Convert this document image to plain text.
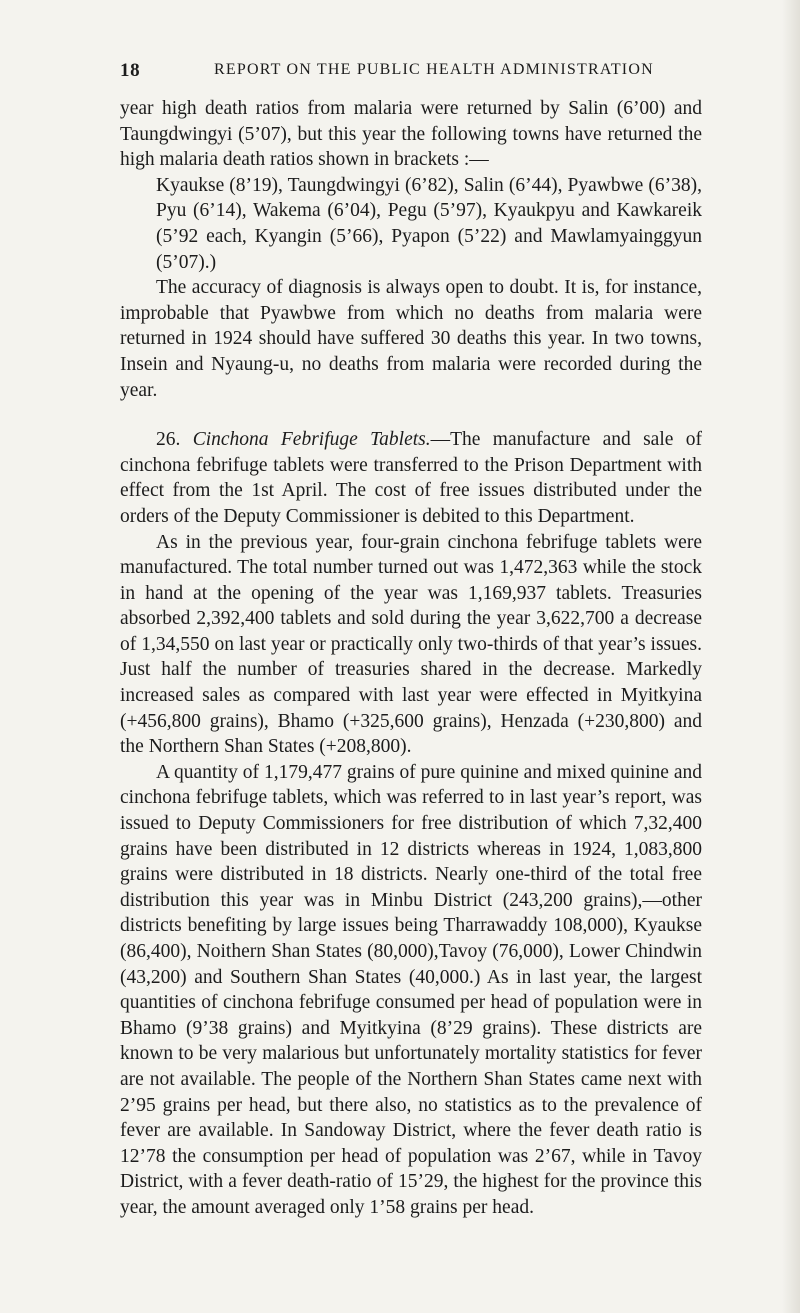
18	REPORT ON THE PUBLIC HEALTH ADMINISTRATION

year high death ratios from malaria were returned by Salin (6’00) and Taungdwingyi (5’07), but this year the following towns have returned the high malaria death ratios shown in brackets :—

Kyaukse (8’19), Taungdwingyi (6’82), Salin (6’44), Pyawbwe (6’38), Pyu (6’14), Wakema (6’04), Pegu (5’97), Kyaukpyu and Kawkareik (5’92 each, Kyangin (5’66), Pyapon (5’22) and Mawlamyainggyun (5’07).)

The accuracy of diagnosis is always open to doubt. It is, for instance, improbable that Pyawbwe from which no deaths from malaria were returned in 1924 should have suffered 30 deaths this year. In two towns, Insein and Nyaung-u, no deaths from malaria were recorded during the year.

26. Cinchona Febrifuge Tablets.—The manufacture and sale of cinchona febrifuge tablets were transferred to the Prison Department with effect from the 1st April. The cost of free issues distributed under the orders of the Deputy Commissioner is debited to this Department.

As in the previous year, four-grain cinchona febrifuge tablets were manufactured. The total number turned out was 1,472,363 while the stock in hand at the opening of the year was 1,169,937 tablets. Treasuries absorbed 2,392,400 tablets and sold during the year 3,622,700 a decrease of 1,34,550 on last year or practically only two-thirds of that year’s issues. Just half the number of treasuries shared in the decrease. Markedly increased sales as compared with last year were effected in Myitkyina (+456,800 grains), Bhamo (+325,600 grains), Henzada (+230,800) and the Northern Shan States (+208,800).

A quantity of 1,179,477 grains of pure quinine and mixed quinine and cinchona febrifuge tablets, which was referred to in last year’s report, was issued to Deputy Commissioners for free distribution of which 7,32,400 grains have been distributed in 12 districts whereas in 1924, 1,083,800 grains were distributed in 18 districts. Nearly one-third of the total free distribution this year was in Minbu District (243,200 grains),—other districts benefiting by large issues being Tharrawaddy 108,000), Kyaukse (86,400), Noithern Shan States (80,000),Tavoy (76,000), Lower Chindwin (43,200) and Southern Shan States (40,000.) As in last year, the largest quantities of cinchona febrifuge consumed per head of population were in Bhamo (9’38 grains) and Myitkyina (8’29 grains). These districts are known to be very malarious but unfortunately mortality statistics for fever are not available. The people of the Northern Shan States came next with 2’95 grains per head, but there also, no statistics as to the prevalence of fever are available. In Sandoway District, where the fever death ratio is 12’78 the consumption per head of population was 2’67, while in Tavoy District, with a fever death-ratio of 15’29, the highest for the province this year, the amount averaged only 1’58 grains per head.
